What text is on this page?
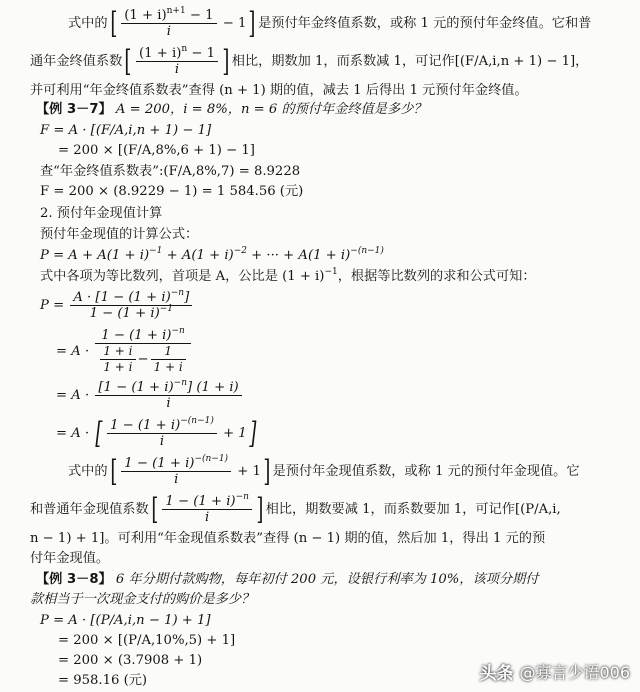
式中的[ $\frac{(1 + i)^{n+1} - 1}{i} - 1$] 是预付年金终值系数，或称 1 元的预付年金终值。它和普
通年金终值系数[ $\frac{(1 + i)^n - 1}{i}$ ] 相比，期数加 1，而系数减 1，可记作[(F/A,i,n + 1) − 1]，
并可利用“年金终值系数表”查得 (n + 1) 期的值，减去 1 后得出 1 元预付年金终值。
【例 3－7】 A = 200，i = 8%，n = 6 的预付年金终值是多少？
F = A · [(F/A,i,n + 1) − 1]
= 200 × [(F/A,8%,6 + 1) − 1]
查“年金终值系数表”:(F/A,8%,7) = 8.9228
F = 200 × (8.9229 − 1) = 1 584.56 (元)
2. 预付年金现值计算
预付年金现值的计算公式：
$P = A + A(1 + i)^{-1} + A(1 + i)^{-2}$ + ··· + $A(1 + i)^{-(n-1)}$
式中各项为等比数列，首项是 A，公比是 $(1 + i)^{-1}$，根据等比数列的求和公式可知：
$P = \frac{A \cdot [1 - (1 + i)^{-n}]}{1 - (1 + i)^{-1}}$
= $A \cdot \frac{1 - (1 + i)^{-n}}{\frac{1 + i}{1 + i} - \frac{1}{1 + i}}$
= $A \cdot \frac{[1 - (1 + i)^{-n}] (1 + i)}{i}$
= A · [ $\frac{1 - (1 + i)^{-(n-1)}}{i} + 1$]
式中的[ $\frac{1 - (1 + i)^{-(n-1)}}{i} + 1$] 是预付年金现值系数，或称 1 元的预付年金现值。它
和普通年金现值系数[ $\frac{1 - (1 + i)^{-n}}{i}$ ] 相比，期数要减 1，而系数要加 1，可记作[(P/A,i,
n − 1) + 1]。可利用“年金现值系数表”查得 (n − 1) 期的值，然后加 1，得出 1 元的预
付年金现值。
【例 3－8】 6 年分期付款购物，每年初付 200 元，设银行利率为 10%，该项分期付
款相当于一次现金支付的购价是多少？
P = A · [(P/A,i,n − 1) + 1]
= 200 × [(P/A,10%,5) + 1]
= 200 × (3.7908 + 1)
= 958.16 (元)	头条 @寡言少语006
